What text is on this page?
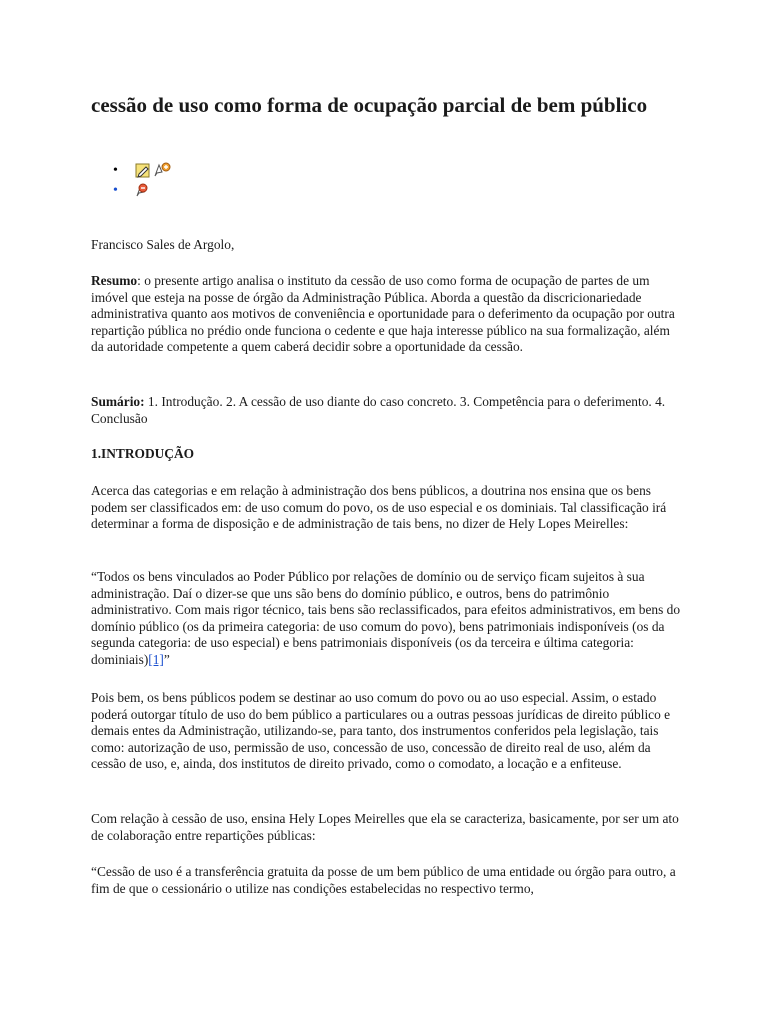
cessão de uso como forma de ocupação parcial de bem público
•
•

Francisco Sales de Argolo,

Resumo: o presente artigo analisa o instituto da cessão de uso como forma de ocupação de partes de um imóvel que esteja na posse de órgão da Administração Pública. Aborda a questão da discricionariedade administrativa quanto aos motivos de conveniência e oportunidade para o deferimento da ocupação por outra repartição pública no prédio onde funciona o cedente e que haja interesse público na sua formalização, além da autoridade competente a quem caberá decidir sobre a oportunidade da cessão.

Sumário: 1. Introdução. 2. A cessão de uso diante do caso concreto. 3. Competência para o deferimento. 4. Conclusão

1.INTRODUÇÃO

Acerca das categorias e em relação à administração dos bens públicos, a doutrina nos ensina que os bens podem ser classificados em: de uso comum do povo, os de uso especial e os dominiais. Tal classificação irá determinar a forma de disposição e de administração de tais bens, no dizer de Hely Lopes Meirelles:

“Todos os bens vinculados ao Poder Público por relações de domínio ou de serviço ficam sujeitos à sua administração. Daí o dizer-se que uns são bens do domínio público, e outros, bens do patrimônio administrativo. Com mais rigor técnico, tais bens são reclassificados, para efeitos administrativos, em bens do domínio público (os da primeira categoria: de uso comum do povo), bens patrimoniais indisponíveis (os da segunda categoria: de uso especial) e bens patrimoniais disponíveis (os da terceira e última categoria: dominiais)[1]”

Pois bem, os bens públicos podem se destinar ao uso comum do povo ou ao uso especial. Assim, o estado poderá outorgar título de uso do bem público a particulares ou a outras pessoas jurídicas de direito público e demais entes da Administração, utilizando-se, para tanto, dos instrumentos conferidos pela legislação, tais como: autorização de uso, permissão de uso, concessão de uso, concessão de direito real de uso, além da cessão de uso, e, ainda, dos institutos de direito privado, como o comodato, a locação e a enfiteuse.

Com relação à cessão de uso, ensina Hely Lopes Meirelles que ela se caracteriza, basicamente, por ser um ato de colaboração entre repartições públicas:

“Cessão de uso é a transferência gratuita da posse de um bem público de uma entidade ou órgão para outro, a fim de que o cessionário o utilize nas condições estabelecidas no respectivo termo,
